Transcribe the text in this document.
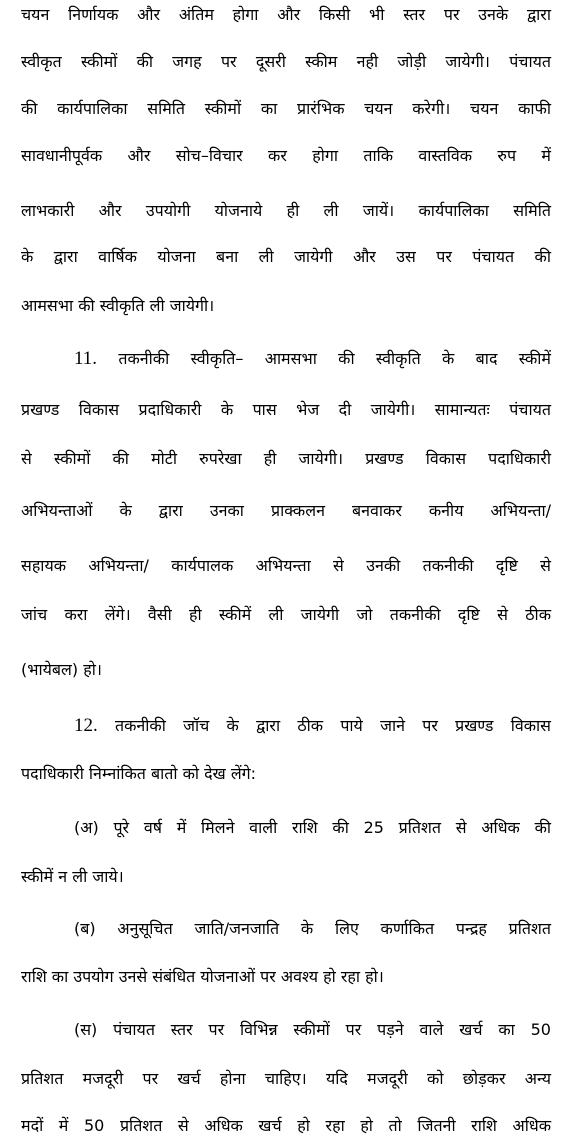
चयन निर्णायक और अंतिम होगा और किसी भी स्तर पर उनके द्वारा
स्वीकृत स्कीमों की जगह पर दूसरी स्कीम नही जोड़ी जायेगी। पंचायत
की कार्यपालिका समिति स्कीमों का प्रारंभिक चयन करेगी। चयन काफी
सावधानीपूर्वक और सोच–विचार कर होगा ताकि वास्तविक रुप में
लाभकारी और उपयोगी योजनाये ही ली जायें। कार्यपालिका समिति
के द्वारा वार्षिक योजना बना ली जायेगी और उस पर पंचायत की
आमसभा की स्वीकृति ली जायेगी।
11. तकनीकी स्वीकृति– आमसभा की स्वीकृति के बाद स्कीमें
प्रखण्ड विकास प्रदाधिकारी के पास भेज दी जायेगी। सामान्यतः पंचायत
से स्कीमों की मोटी रुपरेखा ही जायेगी। प्रखण्ड विकास पदाधिकारी
अभियन्ताओं के द्वारा उनका प्राक्कलन बनवाकर कनीय अभियन्ता/
सहायक अभियन्ता/ कार्यपालक अभियन्ता से उनकी तकनीकी दृष्टि से
जांच करा लेंगे। वैसी ही स्कीमें ली जायेगी जो तकनीकी दृष्टि से ठीक
(भायेबल) हो।
12. तकनीकी जॉच के द्वारा ठीक पाये जाने पर प्रखण्ड विकास
पदाधिकारी निम्नांकित बातो को देख लेंगे:
(अ) पूरे वर्ष में मिलने वाली राशि की 25 प्रतिशत से अधिक की
स्कीमें न ली जाये।
(ब) अनुसूचित जाति/जनजाति के लिए कर्णाकित पन्द्रह प्रतिशत
राशि का उपयोग उनसे संबंधित योजनाओं पर अवश्य हो रहा हो।
(स) पंचायत स्तर पर विभिन्न स्कीमों पर पड़ने वाले खर्च का 50
प्रतिशत मजदूरी पर खर्च होना चाहिए। यदि मजदूरी को छोड़कर अन्य
मदों में 50 प्रतिशत से अधिक खर्च हो रहा हो तो जितनी राशि अधिक
